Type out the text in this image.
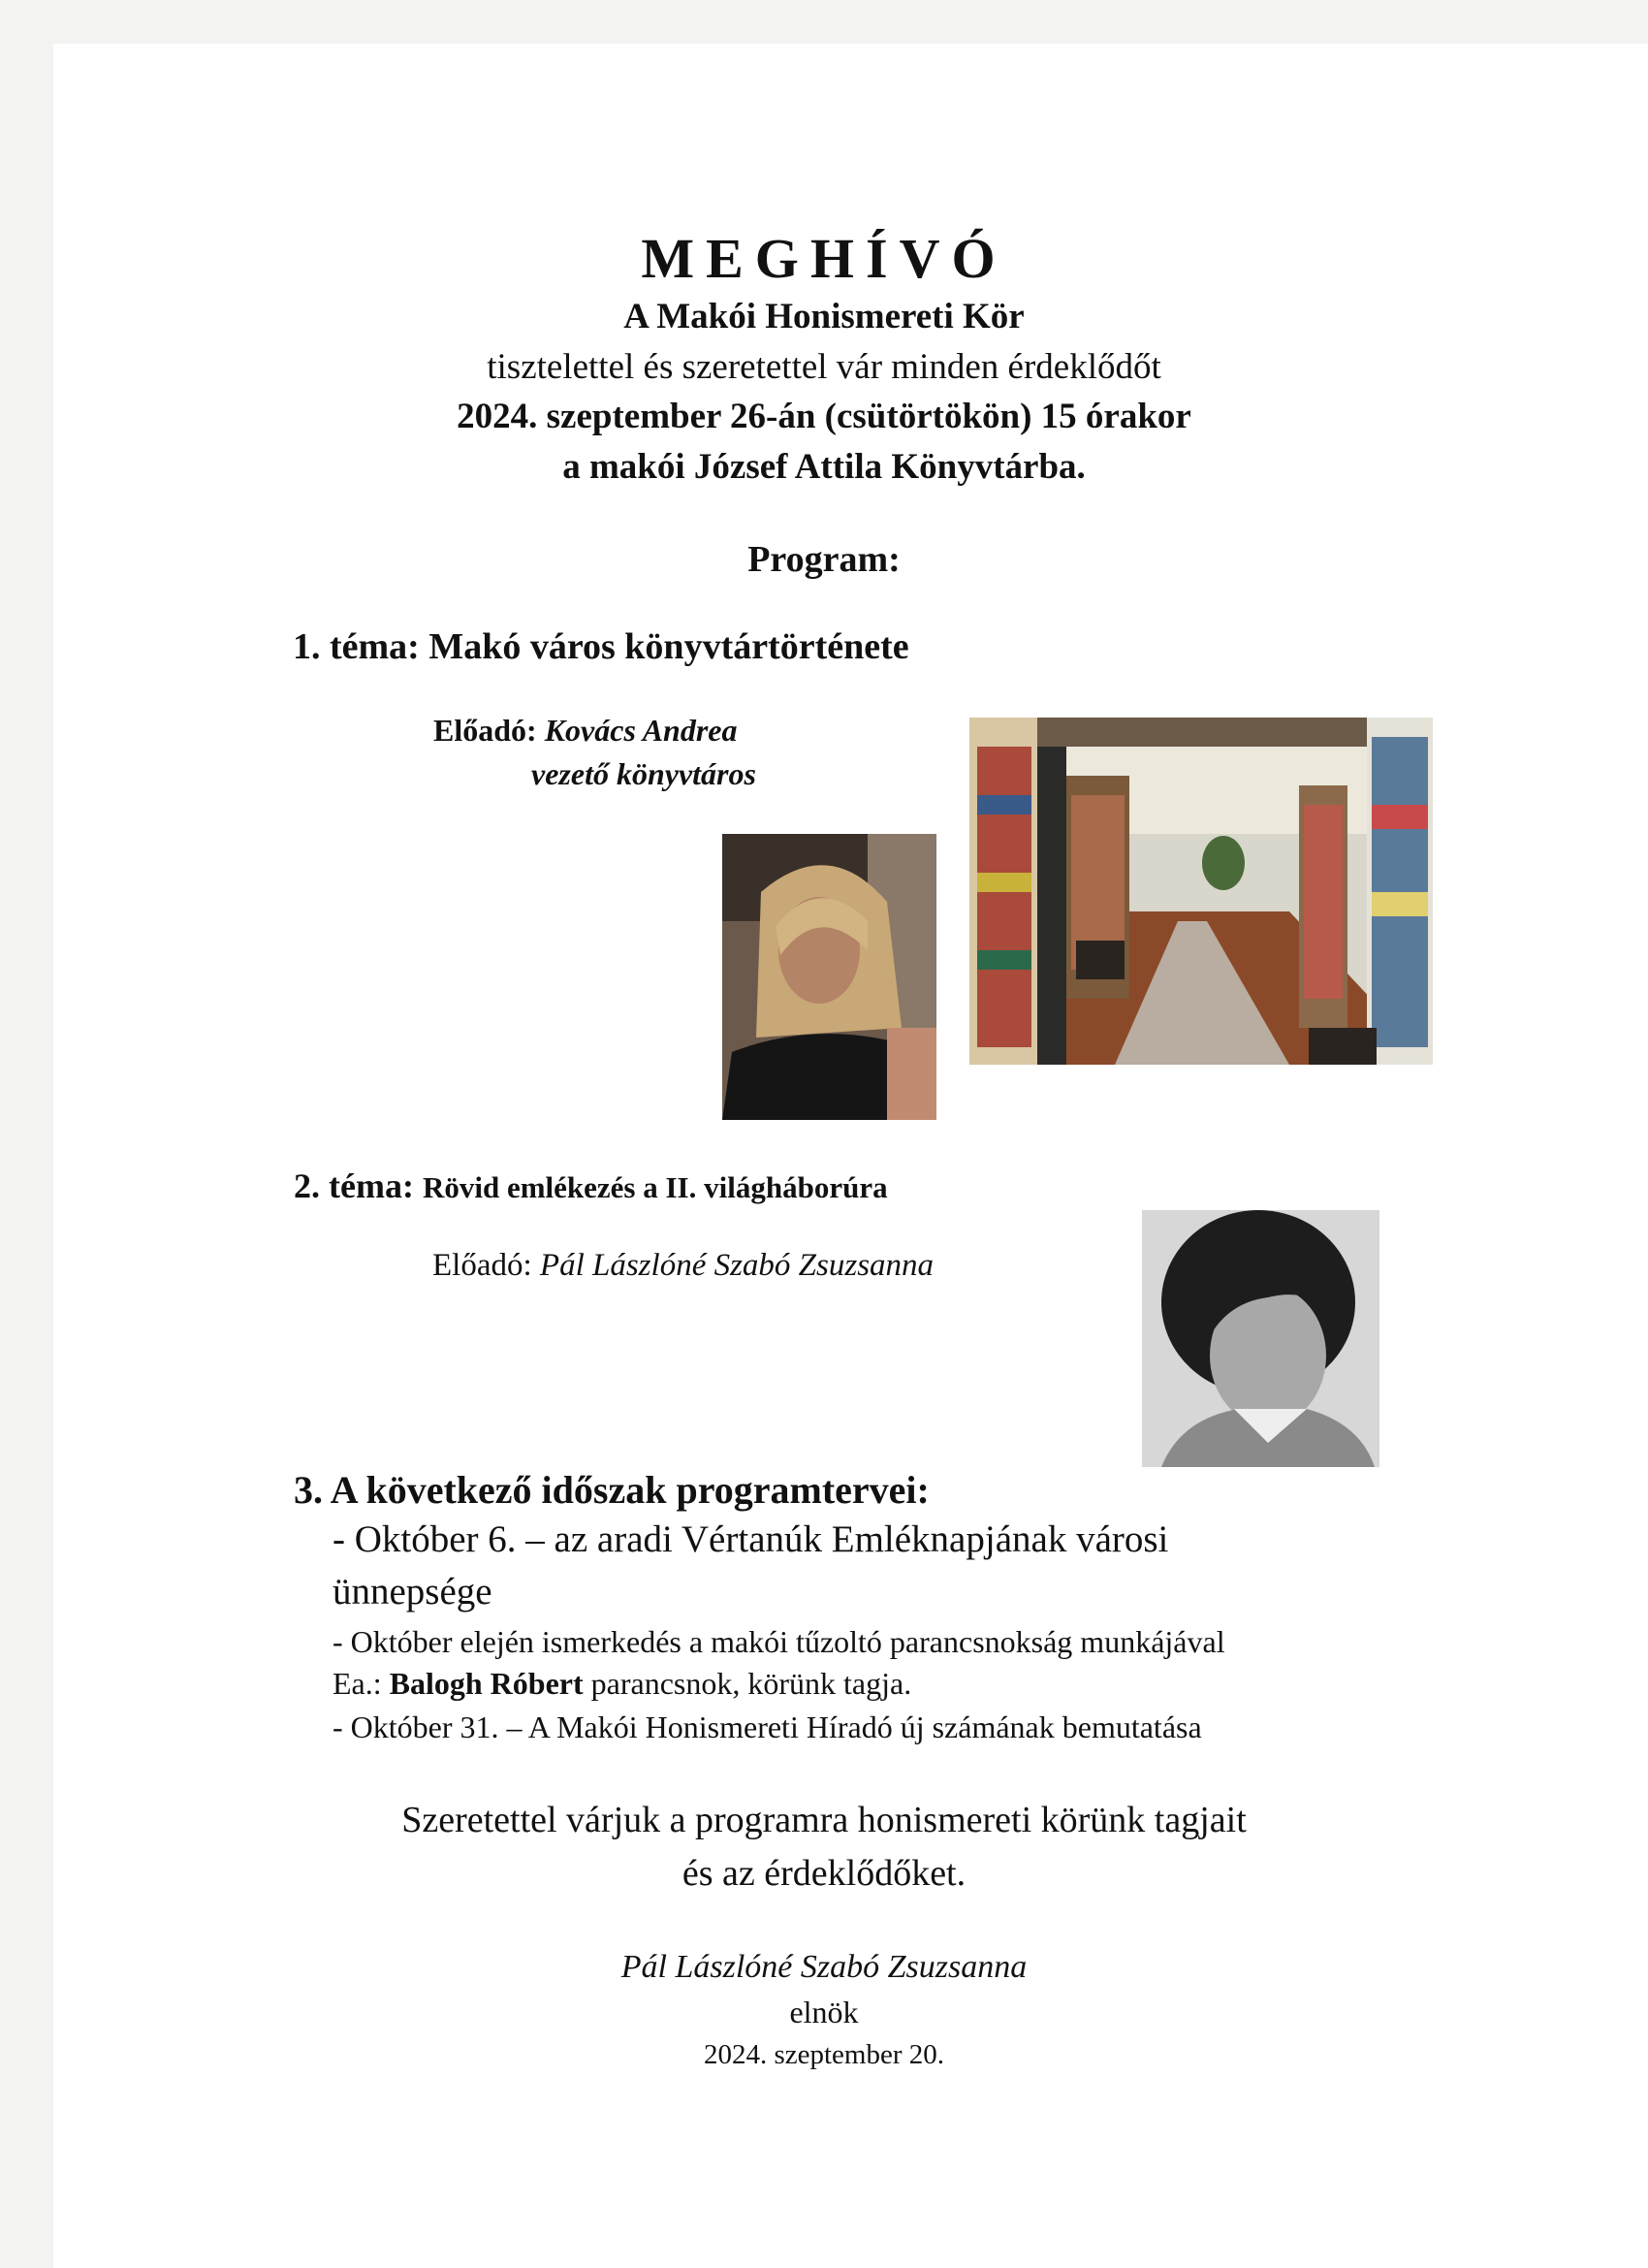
MEGHÍVÓ
A Makói Honismereti Kör
tisztelettel és szeretettel vár minden érdeklődőt
2024. szeptember 26-án (csütörtökön) 15 órakor
a makói József Attila Könyvtárba.
Program:
1. téma: Makó város könyvtártörténete
Előadó: Kovács Andrea
vezető könyvtáros
2. téma: Rövid emlékezés a II. világháborúra
Előadó: Pál Lászlóné Szabó Zsuzsanna
3. A következő időszak programtervei:
- Október 6. – az aradi Vértanúk Emléknapjának városi
ünnepsége
- Október elején ismerkedés a makói tűzoltó parancsnokság munkájával
Ea.: Balogh Róbert parancsnok, körünk tagja.
- Október 31. – A Makói Honismereti Híradó új számának bemutatása
Szeretettel várjuk a programra honismereti körünk tagjait
és az érdeklődőket.
Pál Lászlóné Szabó Zsuzsanna
elnök
2024. szeptember 20.
